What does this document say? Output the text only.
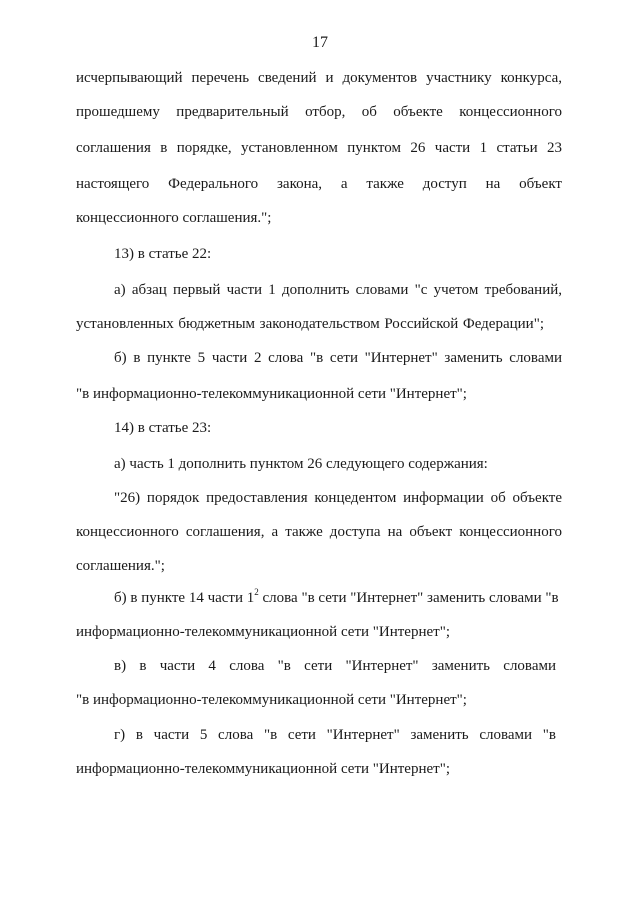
17
исчерпывающий перечень сведений и документов участнику конкурса,
прошедшему предварительный отбор, об объекте концессионного
соглашения в порядке, установленном пунктом 26 части 1 статьи 23
настоящего Федерального закона, а также доступ на объект
концессионного соглашения.";
13) в статье 22:
а) абзац первый части 1 дополнить словами "с учетом требований,
установленных бюджетным законодательством Российской Федерации";
б) в пункте 5 части 2 слова "в сети "Интернет" заменить словами
"в информационно-телекоммуникационной сети "Интернет";
14) в статье 23:
а) часть 1 дополнить пунктом 26 следующего содержания:
"26) порядок предоставления концедентом информации об объекте
концессионного соглашения, а также доступа на объект концессионного
соглашения.";
б) в пункте 14 части $1^2$ слова "в сети "Интернет" заменить словами "в
информационно-телекоммуникационной сети "Интернет";
в) в части 4 слова "в сети "Интернет" заменить словами
"в информационно-телекоммуникационной сети "Интернет";
г) в части 5 слова "в сети "Интернет" заменить словами "в
информационно-телекоммуникационной сети "Интернет";
